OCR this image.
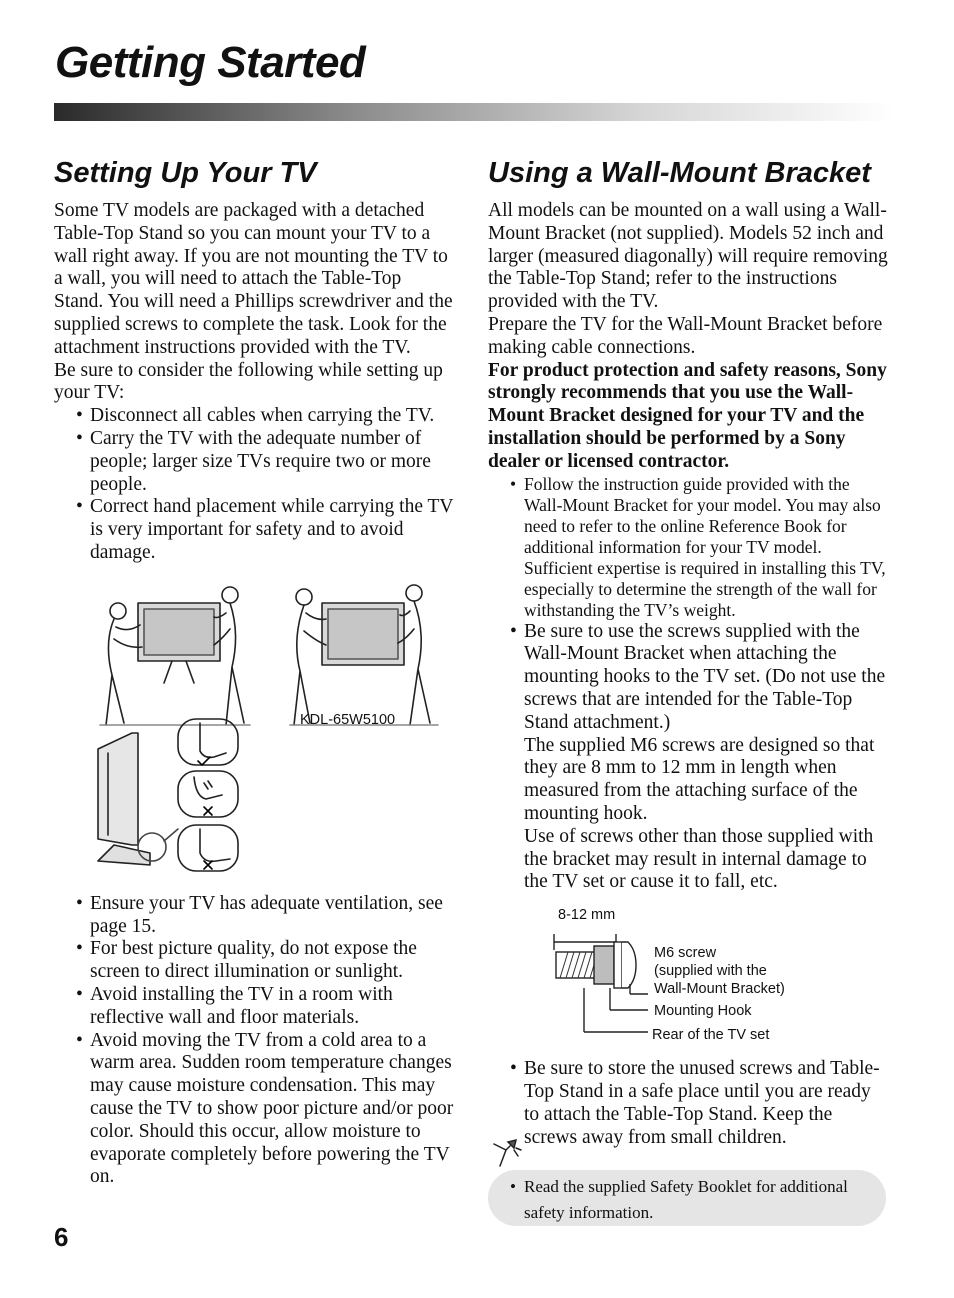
Getting Started
Setting Up Your TV

Some TV models are packaged with a detached Table-Top Stand so you can mount your TV to a wall right away. If you are not mounting the TV to a wall, you will need to attach the Table-Top Stand. You will need a Phillips screwdriver and the supplied screws to complete the task. Look for the attachment instructions provided with the TV.

Be sure to consider the following while setting up your TV:

• Disconnect all cables when carrying the TV.
• Carry the TV with the adequate number of people; larger size TVs require two or more people.
• Correct hand placement while carrying the TV is very important for safety and to avoid damage.
KDL-65W5100
• Ensure your TV has adequate ventilation, see page 15.
• For best picture quality, do not expose the screen to direct illumination or sunlight.
• Avoid installing the TV in a room with reflective wall and floor materials.
• Avoid moving the TV from a cold area to a warm area. Sudden room temperature changes may cause moisture condensation. This may cause the TV to show poor picture and/or poor color. Should this occur, allow moisture to evaporate completely before powering the TV on.
Using a Wall-Mount Bracket

All models can be mounted on a wall using a Wall-Mount Bracket (not supplied). Models 52 inch and larger (measured diagonally) will require removing the Table-Top Stand; refer to the instructions provided with the TV.

Prepare the TV for the Wall-Mount Bracket before making cable connections.

For product protection and safety reasons, Sony strongly recommends that you use the Wall-Mount Bracket designed for your TV and the installation should be performed by a Sony dealer or licensed contractor.

• Follow the instruction guide provided with the Wall-Mount Bracket for your model. You may also need to refer to the online Reference Book for additional information for your TV model. Sufficient expertise is required in installing this TV, especially to determine the strength of the wall for withstanding the TV’s weight.
• Be sure to use the screws supplied with the Wall-Mount Bracket when attaching the mounting hooks to the TV set. (Do not use the screws that are intended for the Table-Top Stand attachment.)

The supplied M6 screws are designed so that they are 8 mm to 12 mm in length when measured from the attaching surface of the mounting hook.

Use of screws other than those supplied with the bracket may result in internal damage to the TV set or cause it to fall, etc.

8-12 mm
M6 screw
(supplied with the
Wall-Mount Bracket)
Mounting Hook
Rear of the TV set
• Be sure to store the unused screws and Table-Top Stand in a safe place until you are ready to attach the Table-Top Stand. Keep the screws away from small children.
• Read the supplied Safety Booklet for additional safety information.
6
